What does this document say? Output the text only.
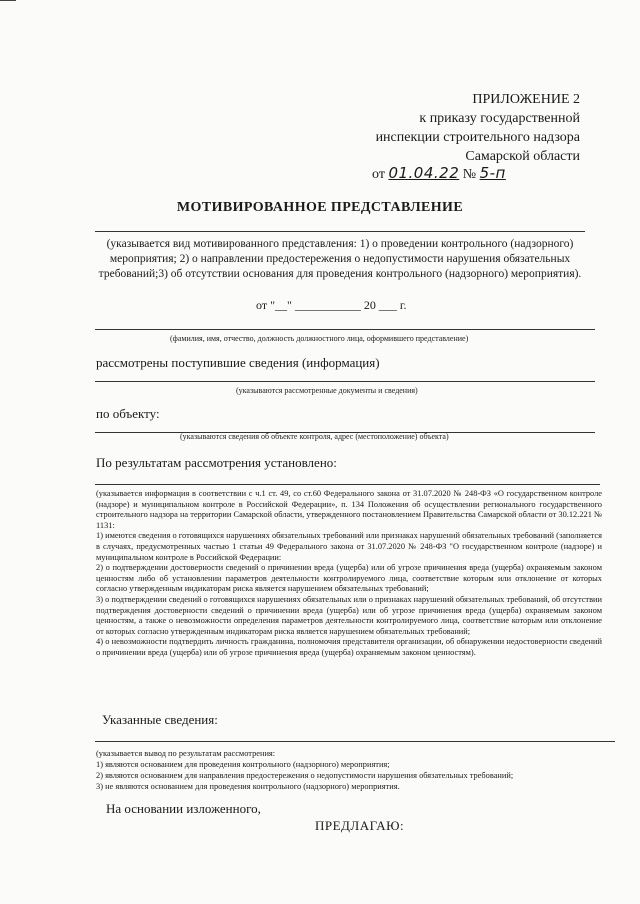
ПРИЛОЖЕНИЕ 2
к приказу государственной
инспекции строительного надзора
Самарской области
от 01.04.22 № 5-п
МОТИВИРОВАННОЕ ПРЕДСТАВЛЕНИЕ
(указывается вид мотивированного представления: 1) о проведении контрольного (надзорного) мероприятия; 2) о направлении предостережения о недопустимости нарушения обязательных требований;3) об отсутствии основания для проведения контрольного (надзорного) мероприятия).
от "__" ___________ 20 ___ г.
(фамилия, имя, отчество, должность должностного лица, оформившего представление)
рассмотрены поступившие сведения (информация)
(указываются рассмотренные документы и сведения)
по объекту:
(указываются сведения об объекте контроля, адрес (местоположение) объекта)
По результатам рассмотрения установлено:

(указывается информация в соответствии с ч.1 ст. 49, со ст.60 Федерального закона от 31.07.2020 № 248-ФЗ «О государственном контроле (надзоре) и муниципальном контроле в Российской Федерации», п. 134 Положения об осуществлении регионального государственного строительного надзора на территории Самарской области, утвержденного постановлением Правительства Самарской области от 30.12.221 № 1131:

1) имеются сведения о готовящихся нарушениях обязательных требований или признаках нарушений обязательных требований (заполняется в случаях, предусмотренных частью 1 статьи 49 Федерального закона от 31.07.2020 № 248-ФЗ "О государственном контроле (надзоре) и муниципальном контроле в Российской Федерации:

2) о подтверждении достоверности сведений о причинении вреда (ущерба) или об угрозе причинения вреда (ущерба) охраняемым законом ценностям либо об установлении параметров деятельности контролируемого лица, соответствие которым или отклонение от которых согласно утвержденным индикаторам риска является нарушением обязательных требований;

3) о подтверждении сведений о готовящихся нарушениях обязательных или о признаках нарушений обязательных требований, об отсутствии подтверждения достоверности сведений о причинении вреда (ущерба) или об угрозе причинения вреда (ущерба) охраняемым законом ценностям, а также о невозможности определения параметров деятельности контролируемого лица, соответствие которым или отклонение от которых согласно утвержденным индикаторам риска является нарушением обязательных требований;

4) о невозможности подтвердить личность гражданина, полномочия представителя организации, об обнаружении недостоверности сведений о причинении вреда (ущерба) или об угрозе причинения вреда (ущерба) охраняемым законом ценностям).

Указанные сведения:
(указывается вывод по результатам рассмотрения:
1) являются основанием для проведения контрольного (надзорного) мероприятия;
2) являются основанием для направления предостережения о недопустимости нарушения обязательных требований;
3) не являются основанием для проведения контрольного (надзорного) мероприятия.
На основании изложенного,
ПРЕДЛАГАЮ:
